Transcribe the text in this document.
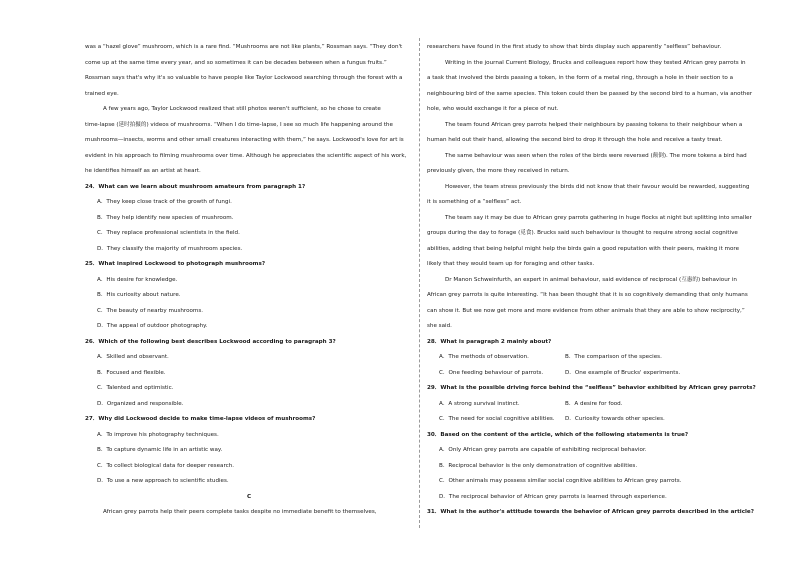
was a “hazel glove” mushroom, which is a rare find. “Mushrooms are not like plants,” Rossman says. “They don't
come up at the same time every year, and so sometimes it can be decades between when a fungus fruits.”
Rossman says that's why it's so valuable to have people like Taylor Lockwood searching through the forest with a
trained eye.

A few years ago, Taylor Lockwood realized that still photos weren't sufficient, so he chose to create
time-lapse (延时拍摄的) videos of mushrooms. “When I do time-lapse, I see so much life happening around the
mushrooms—insects, worms and other small creatures interacting with them,” he says. Lockwood's love for art is
evident in his approach to filming mushrooms over time. Although he appreciates the scientific aspect of his work,
he identifies himself as an artist at heart.

24．What can we learn about mushroom amateurs from paragraph 1?

A．They keep close track of the growth of fungi.

B．They help identify new species of mushroom.

C．They replace professional scientists in the field.

D．They classify the majority of mushroom species.

25．What inspired Lockwood to photograph mushrooms?

A．His desire for knowledge.

B．His curiosity about nature.

C．The beauty of nearby mushrooms.

D．The appeal of outdoor photography.

26．Which of the following best describes Lockwood according to paragraph 3?

A．Skilled and observant.

B．Focused and flexible.

C．Talented and optimistic.

D．Organized and responsible.

27．Why did Lockwood decide to make time-lapse videos of mushrooms?

A．To improve his photography techniques.

B．To capture dynamic life in an artistic way.

C．To collect biological data for deeper research.

D．To use a new approach to scientific studies.

C

African grey parrots help their peers complete tasks despite no immediate benefit to themselves,

researchers have found in the first study to show that birds display such apparently “selfless” behaviour.

Writing in the journal Current Biology, Brucks and colleagues report how they tested African grey parrots in
a task that involved the birds passing a token, in the form of a metal ring, through a hole in their section to a
neighbouring bird of the same species. This token could then be passed by the second bird to a human, via another
hole, who would exchange it for a piece of nut.

The team found African grey parrots helped their neighbours by passing tokens to their neighbour when a
human held out their hand, allowing the second bird to drop it through the hole and receive a tasty treat.

The same behaviour was seen when the roles of the birds were reversed (颠倒). The more tokens a bird had
previously given, the more they received in return.

However, the team stress previously the birds did not know that their favour would be rewarded, suggesting
it is something of a “selfless” act.

The team say it may be due to African grey parrots gathering in huge flocks at night but splitting into smaller
groups during the day to forage (觅食). Brucks said such behaviour is thought to require strong social cognitive
abilities, adding that being helpful might help the birds gain a good reputation with their peers, making it more
likely that they would team up for foraging and other tasks.

Dr Manon Schweinfurth, an expert in animal behaviour, said evidence of reciprocal (互惠的) behaviour in
African grey parrots is quite interesting. “It has been thought that it is so cognitively demanding that only humans
can show it. But we now get more and more evidence from other animals that they are able to show reciprocity,”
she said.

28．What is paragraph 2 mainly about?

A．The methods of observation.	B．The comparison of the species.
C．One feeding behaviour of parrots.	D．One example of Brucks' experiments.

29．What is the possible driving force behind the “selfless” behavior exhibited by African grey parrots?

A．A strong survival instinct.	B．A desire for food.
C．The need for social cognitive abilities.	D．Curiosity towards other species.

30．Based on the content of the article, which of the following statements is true?

A．Only African grey parrots are capable of exhibiting reciprocal behavior.

B．Reciprocal behavior is the only demonstration of cognitive abilities.

C．Other animals may possess similar social cognitive abilities to African grey parrots.

D．The reciprocal behavior of African grey parrots is learned through experience.

31．What is the author's attitude towards the behavior of African grey parrots described in the article?
